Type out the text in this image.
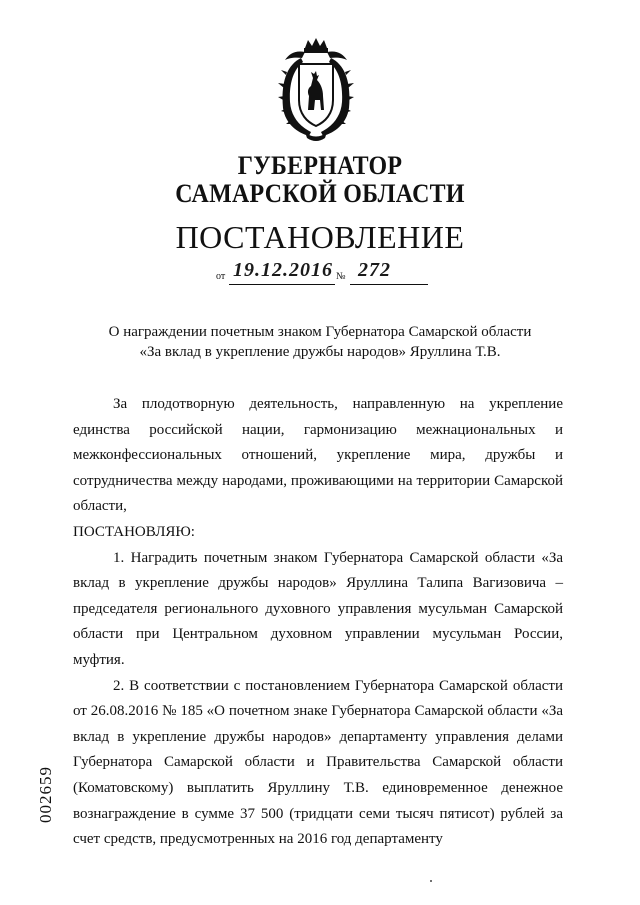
ГУБЕРНАТОР
САМАРСКОЙ ОБЛАСТИ
ПОСТАНОВЛЕНИЕ
от 19.12.2016 № 272
О награждении почетным знаком Губернатора Самарской области
«За вклад в укрепление дружбы народов» Яруллина Т.В.

За плодотворную деятельность, направленную на укрепление единства российской нации, гармонизацию межнациональных и межконфессиональных отношений, укрепление мира, дружбы и сотрудничества между народами, проживающими на территории Самарской области,

ПОСТАНОВЛЯЮ:

1. Наградить почетным знаком Губернатора Самарской области «За вклад в укрепление дружбы народов» Яруллина Талипа Вагизовича – председателя регионального духовного управления мусульман Самарской области при Центральном духовном управлении мусульман России, муфтия.

2. В соответствии с постановлением Губернатора Самарской области от 26.08.2016 № 185 «О почетном знаке Губернатора Самарской области «За вклад в укрепление дружбы народов» департаменту управления делами Губернатора Самарской области и Правительства Самарской области (Коматовскому) выплатить Яруллину Т.В. единовременное денежное вознаграждение в сумме 37 500 (тридцати семи тысяч пятисот) рублей за счет средств, предусмотренных на 2016 год департаменту

002659
